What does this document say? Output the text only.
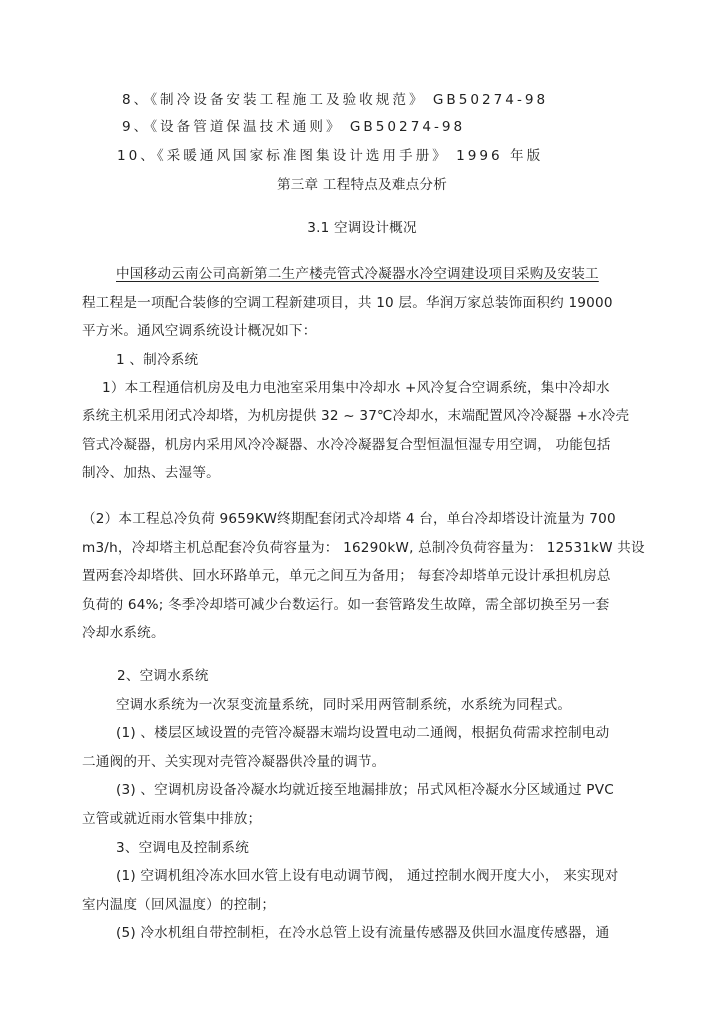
8、《制冷设备安装工程施工及验收规范》 GB50274-98
9、《设备管道保温技术通则》 GB50274-98
10、《采暖通风国家标准图集设计选用手册》 1996 年版
第三章 工程特点及难点分析
3.1 空调设计概况
中国移动云南公司高新第二生产楼壳管式冷凝器水冷空调建设项目采购及安装工
程工程是一项配合装修的空调工程新建项目，共 10 层。华润万家总装饰面积约 19000
平方米。通风空调系统设计概况如下：
1 、制冷系统
1）本工程通信机房及电力电池室采用集中冷却水 +风冷复合空调系统，集中冷却水
系统主机采用闭式冷却塔，为机房提供 32 ~ 37℃冷却水，末端配置风冷冷凝器 +水冷壳
管式冷凝器，机房内采用风冷冷凝器、水冷冷凝器复合型恒温恒湿专用空调， 功能包括
制冷、加热、去湿等。
（2）本工程总冷负荷 9659KW终期配套闭式冷却塔 4 台，单台冷却塔设计流量为 700
m3/h，冷却塔主机总配套冷负荷容量为： 16290kW, 总制冷负荷容量为： 12531kW 共设
置两套冷却塔供、回水环路单元，单元之间互为备用； 每套冷却塔单元设计承担机房总
负荷的 64%; 冬季冷却塔可减少台数运行。如一套管路发生故障，需全部切换至另一套
冷却水系统。
2、空调水系统
空调水系统为一次泵变流量系统，同时采用两管制系统，水系统为同程式。
(1) 、楼层区域设置的壳管冷凝器末端均设置电动二通阀，根据负荷需求控制电动
二通阀的开、关实现对壳管冷凝器供冷量的调节。
(3) 、空调机房设备冷凝水均就近接至地漏排放；吊式风柜冷凝水分区域通过 PVC
立管或就近雨水管集中排放；
3、空调电及控制系统
(1) 空调机组冷冻水回水管上设有电动调节阀， 通过控制水阀开度大小， 来实现对
室内温度（回风温度）的控制；
(5) 冷水机组自带控制柜，在冷水总管上设有流量传感器及供回水温度传感器，通
